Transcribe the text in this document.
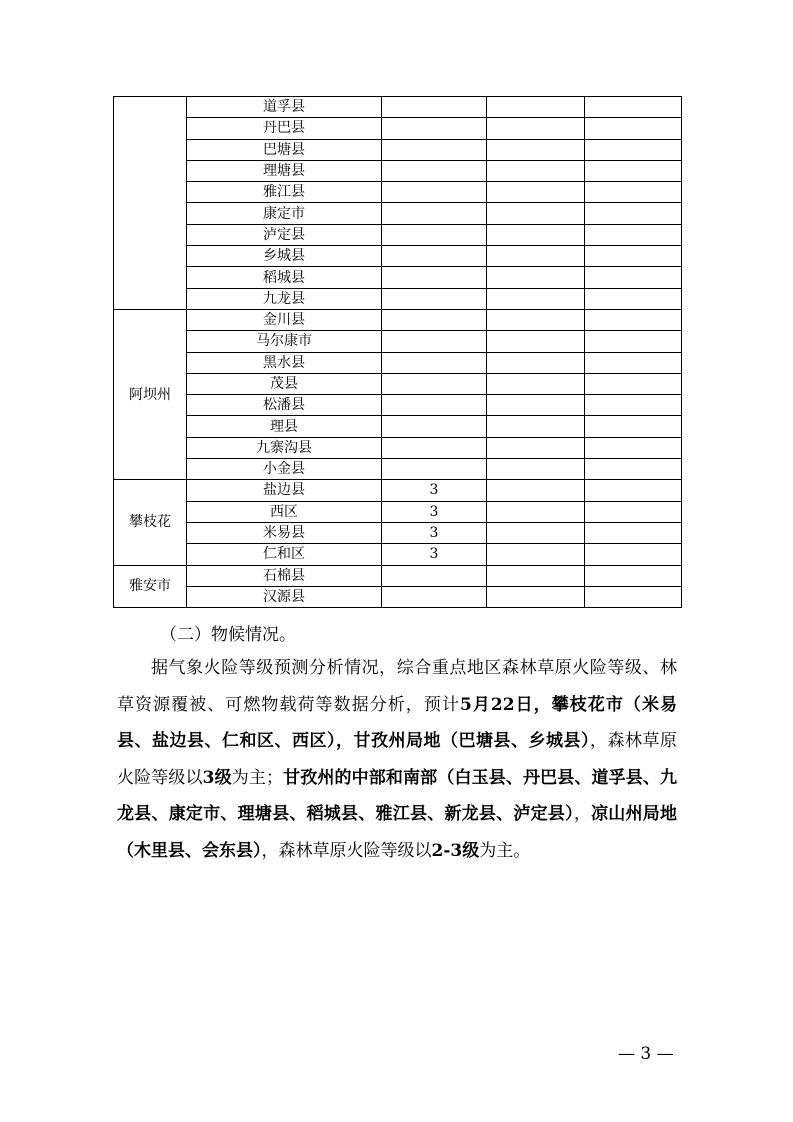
	道孚县			
	丹巴县			
	巴塘县			
	理塘县			
	雅江县			
	康定市			
	泸定县			
	乡城县			
	稻城县			
	九龙县			
阿坝州	金川县			
	马尔康市			
	黑水县			
	茂县			
	松潘县			
	理县			
	九寨沟县			
	小金县			
攀枝花	盐边县	3		
	西区	3		
	米易县	3		
	仁和区	3		
雅安市	石棉县			
	汉源县			
（二）物候情况。

据气象火险等级预测分析情况，综合重点地区森林草原火险等级、林草资源覆被、可燃物载荷等数据分析，预计5月22日，攀枝花市（米易县、盐边县、仁和区、西区），甘孜州局地（巴塘县、乡城县），森林草原火险等级以3级为主；甘孜州的中部和南部（白玉县、丹巴县、道孚县、九龙县、康定市、理塘县、稻城县、雅江县、新龙县、泸定县），凉山州局地（木里县、会东县），森林草原火险等级以2-3级为主。

— 3 —
